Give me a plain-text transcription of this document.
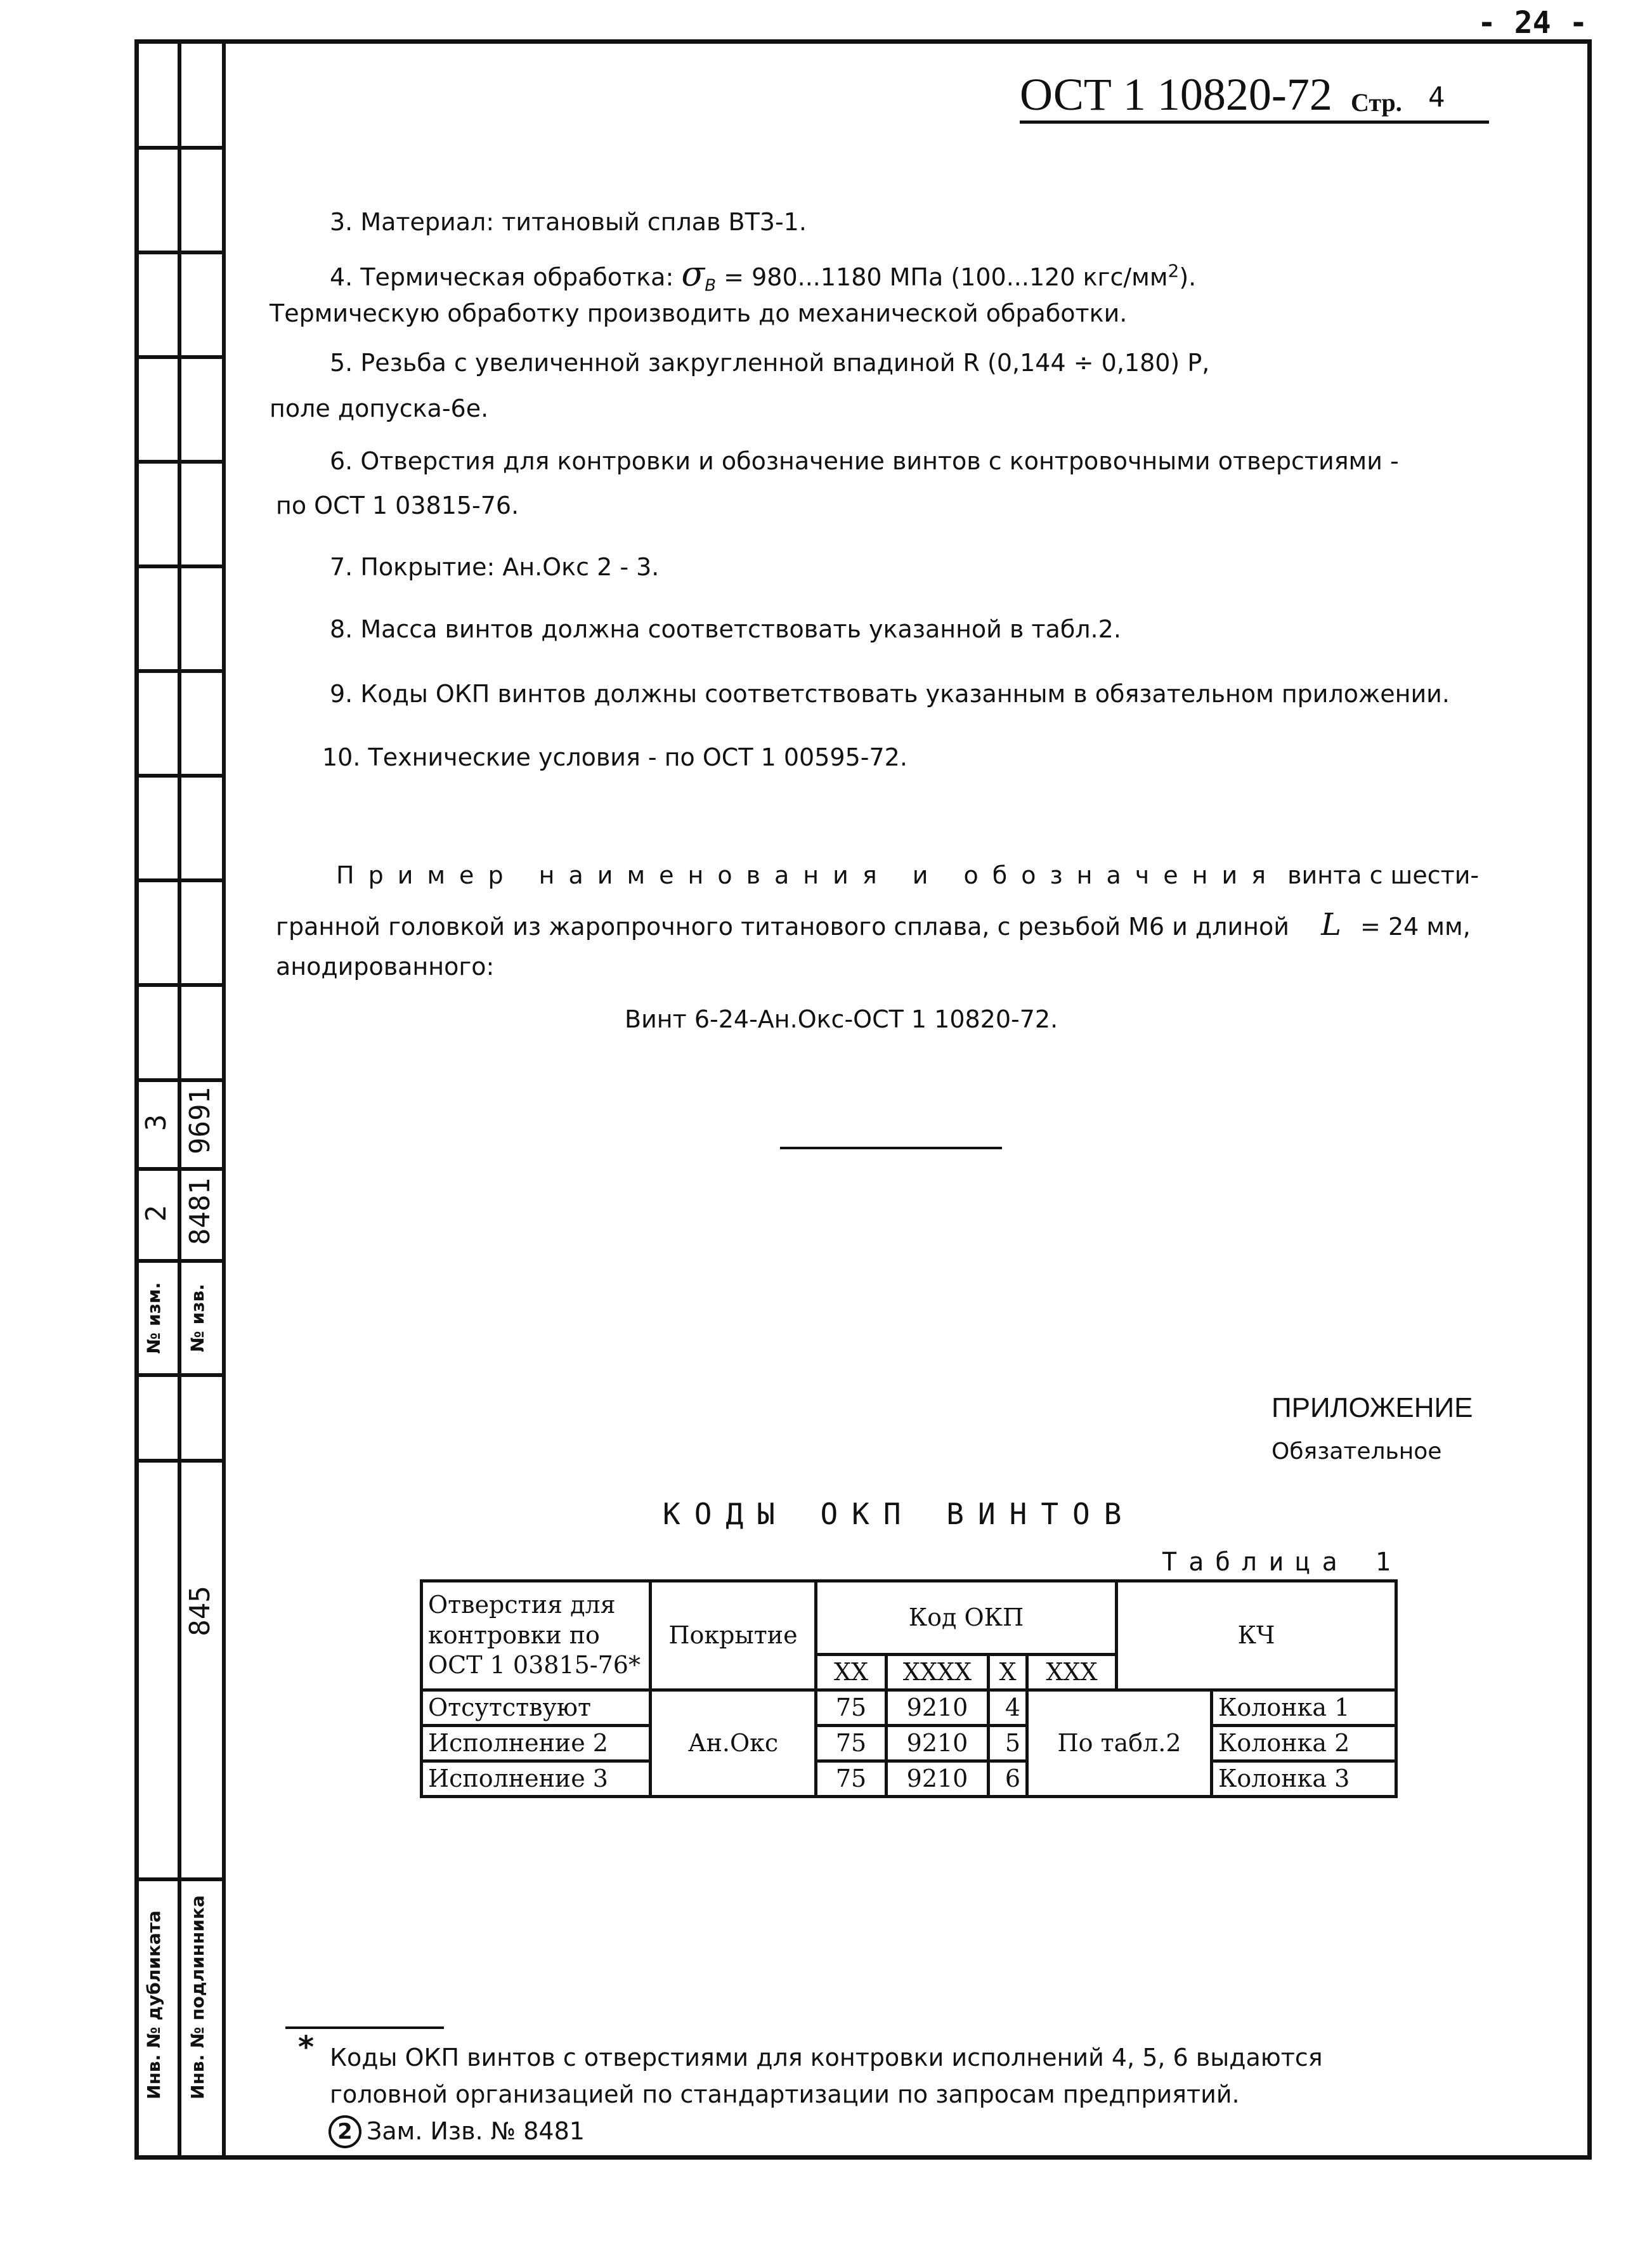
- 24 -
3 9691
2 8481
№ изм. № изв.
845
Инв. № дубликата Инв. № подлинника
ОСТ 1 10820-72 Стр. 4
3. Материал: титановый сплав ВТ3-1.
4. Термическая обработка: $\sigma_В = 980...1180$ МПа (100...120 кгс/$мм^2$).
Термическую обработку производить до механической обработки.
5. Резьба с увеличенной закругленной впадиной R (0,144 ÷ 0,180) Р,
поле допуска-6е.
6. Отверстия для контровки и обозначение винтов с контровочными отверстиями -
по ОСТ 1 03815-76.
7. Покрытие: Ан.Окс 2 - 3.
8. Масса винтов должна соответствовать указанной в табл.2.
9. Коды ОКП винтов должны соответствовать указанным в обязательном приложении.
10. Технические условия - по ОСТ 1 00595-72.
Пример наименования и обозначения винта с шести-
гранной головкой из жаропрочного титанового сплава, с резьбой М6 и длиной L = 24 мм,
анодированного:
Винт 6-24-Ан.Окс-ОСТ 1 10820-72.
ПРИЛОЖЕНИЕ
Обязательное
КОДЫ ОКП ВИНТОВ
Таблица 1
Отверстия для контровки по ОСТ 1 03815-76*	Покрытие	Код ОКП				КЧ	
		XX	XXXX	X	XXX		
Отсутствуют	Ан.Окс	75	9210	4	По табл.2		Колонка 1
Исполнение 2		75	9210	5			Колонка 2
Исполнение 3		75	9210	6			Колонка 3
* Коды ОКП винтов с отверстиями для контровки исполнений 4, 5, 6 выдаются
головной организацией по стандартизации по запросам предприятий.
2 Зам. Изв. № 8481
